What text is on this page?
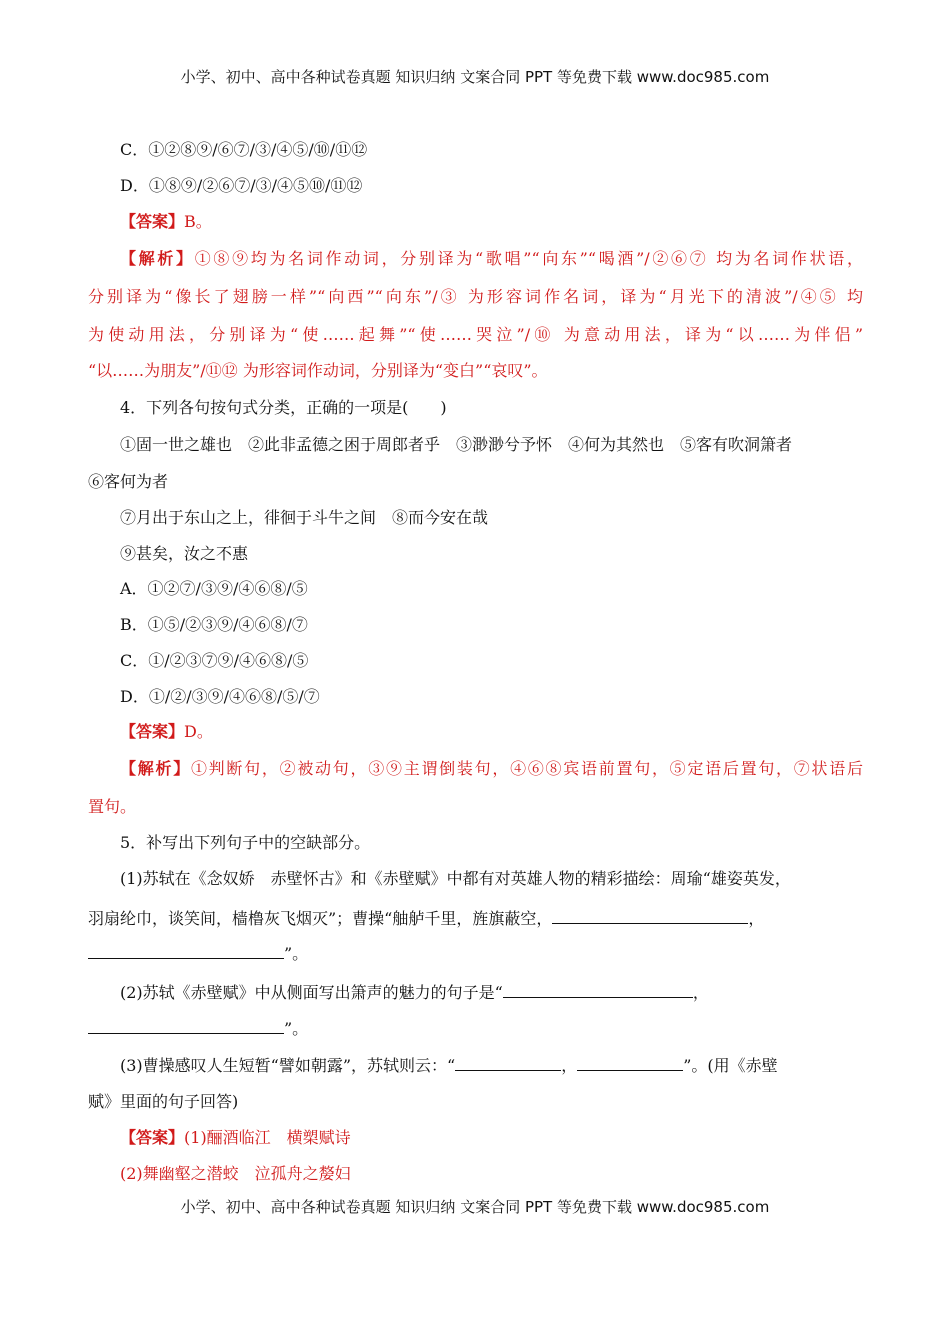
小学、初中、高中各种试卷真题 知识归纳 文案合同 PPT 等免费下载 www.doc985.com
C．①②⑧⑨/⑥⑦/③/④⑤/⑩/⑪⑫
D．①⑧⑨/②⑥⑦/③/④⑤⑩/⑪⑫
【答案】B。
【解析】①⑧⑨均为名词作动词，分别译为“歌唱”“向东”“喝酒”/②⑥⑦ 均为名词作状语，
分别译为“像长了翅膀一样”“向西”“向东”/③ 为形容词作名词，译为“月光下的清波”/④⑤ 均
为使动用法，分别译为“使……起舞”“使……哭泣”/⑩ 为意动用法，译为“以……为伴侣”
“以……为朋友”/⑪⑫ 为形容词作动词，分别译为“变白”“哀叹”。
4．下列各句按句式分类，正确的一项是(　　)
①固一世之雄也　②此非孟德之困于周郎者乎　③渺渺兮予怀　④何为其然也　⑤客有吹洞箫者
⑥客何为者
⑦月出于东山之上，徘徊于斗牛之间　⑧而今安在哉
⑨甚矣，汝之不惠
A．①②⑦/③⑨/④⑥⑧/⑤
B．①⑤/②③⑨/④⑥⑧/⑦
C．①/②③⑦⑨/④⑥⑧/⑤
D．①/②/③⑨/④⑥⑧/⑤/⑦
【答案】D。
【解析】①判断句，②被动句，③⑨主谓倒装句，④⑥⑧宾语前置句，⑤定语后置句，⑦状语后
置句。
5．补写出下列句子中的空缺部分。
(1)苏轼在《念奴娇　赤壁怀古》和《赤壁赋》中都有对英雄人物的精彩描绘：周瑜“雄姿英发，
羽扇纶巾，谈笑间，樯橹灰飞烟灭”；曹操“舳舻千里，旌旗蔽空，	，
”。
(2)苏轼《赤壁赋》中从侧面写出箫声的魅力的句子是“	，
”。
(3)曹操感叹人生短暂“譬如朝露”，苏轼则云：“	，	”。(用《赤壁
赋》里面的句子回答)
【答案】(1)酾酒临江　横槊赋诗
(2)舞幽壑之潜蛟　泣孤舟之嫠妇
小学、初中、高中各种试卷真题 知识归纳 文案合同 PPT 等免费下载 www.doc985.com
